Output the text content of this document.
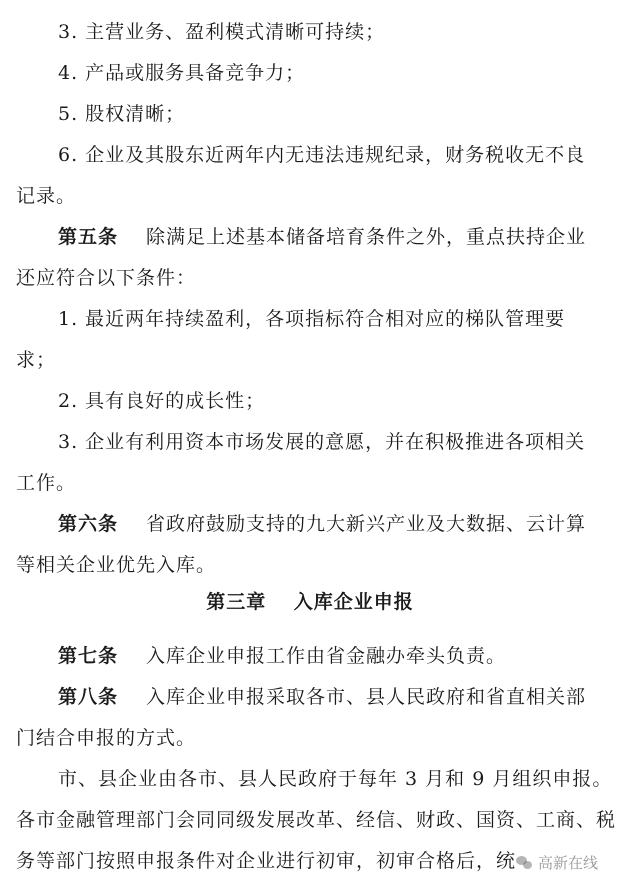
3. 主营业务、盈利模式清晰可持续；
4. 产品或服务具备竞争力；
5. 股权清晰；
6. 企业及其股东近两年内无违法违规纪录，财务税收无不良
记录。
第五条 除满足上述基本储备培育条件之外，重点扶持企业
还应符合以下条件：
1. 最近两年持续盈利，各项指标符合相对应的梯队管理要
求；
2. 具有良好的成长性；
3. 企业有利用资本市场发展的意愿，并在积极推进各项相关
工作。
第六条 省政府鼓励支持的九大新兴产业及大数据、云计算
等相关企业优先入库。
第三章　 入库企业申报
第七条 入库企业申报工作由省金融办牵头负责。
第八条 入库企业申报采取各市、县人民政府和省直相关部
门结合申报的方式。
市、县企业由各市、县人民政府于每年 3 月和 9 月组织申报。
各市金融管理部门会同同级发展改革、经信、财政、国资、工商、税
务等部门按照申报条件对企业进行初审，初审合格后，统 高新在线
